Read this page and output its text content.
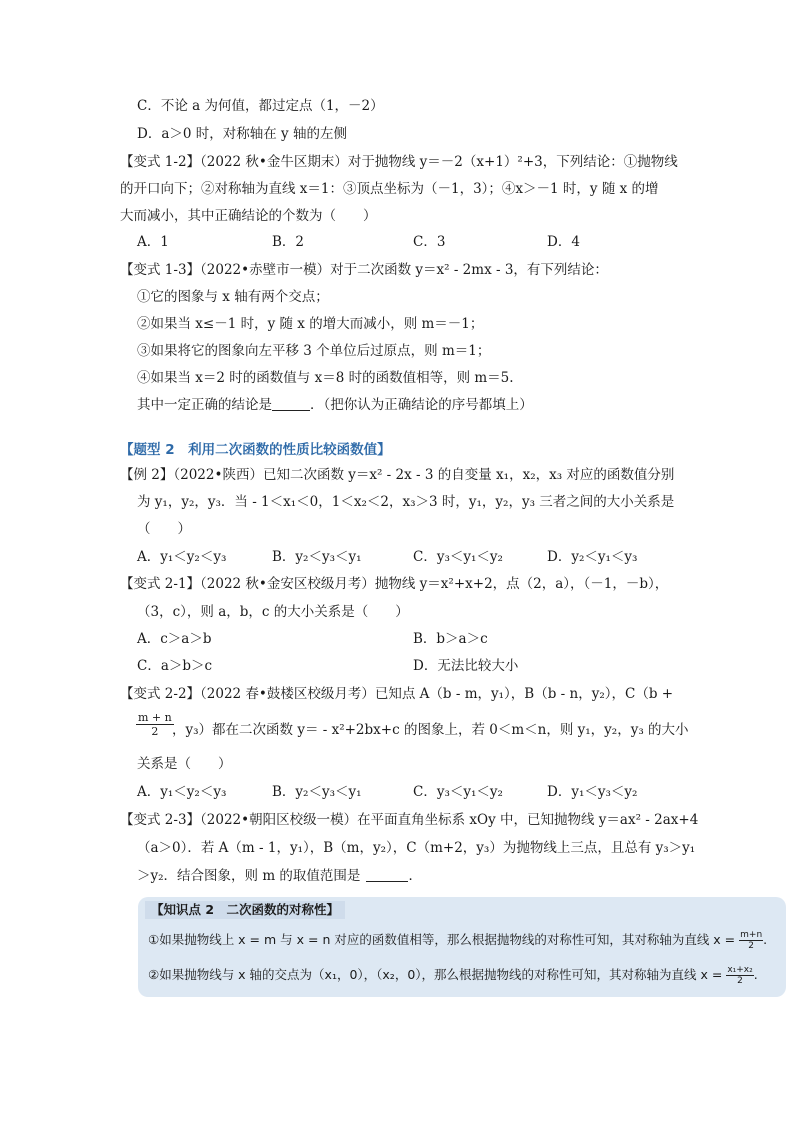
C．不论 a 为何值，都过定点（1，－2）
D．a＞0 时，对称轴在 y 轴的左侧
【变式 1-2】（2022 秋•金牛区期末）对于抛物线 y＝－2（x+1）²+3，下列结论：①抛物线
的开口向下；②对称轴为直线 x＝1：③顶点坐标为（－1，3）；④x＞－1 时，y 随 x 的增
大而减小，其中正确结论的个数为（　　）
A．1	B．2	C．3	D．4
【变式 1-3】（2022•赤壁市一模）对于二次函数 y＝x² - 2mx - 3，有下列结论：
①它的图象与 x 轴有两个交点；
②如果当 x≤－1 时，y 随 x 的增大而减小，则 m＝－1；
③如果将它的图象向左平移 3 个单位后过原点，则 m＝1；
④如果当 x＝2 时的函数值与 x＝8 时的函数值相等，则 m＝5.
其中一定正确的结论是	．（把你认为正确结论的序号都填上）
【题型 2　利用二次函数的性质比较函数值】
【例 2】（2022•陕西）已知二次函数 y＝x² - 2x - 3 的自变量 x₁，x₂，x₃ 对应的函数值分别
为 y₁，y₂，y₃．当 - 1＜x₁＜0，1＜x₂＜2，x₃＞3 时，y₁，y₂，y₃ 三者之间的大小关系是
（　　）
A．y₁＜y₂＜y₃	B．y₂＜y₃＜y₁	C．y₃＜y₁＜y₂	D．y₂＜y₁＜y₃
【变式 2-1】（2022 秋•金安区校级月考）抛物线 y＝x²+x+2，点（2，a），（－1，－b），
（3，c），则 a，b，c 的大小关系是（　　）
A．c＞a＞b	B．b＞a＞c
C．a＞b＞c	D．无法比较大小
【变式 2-2】（2022 春•鼓楼区校级月考）已知点 A（b - m，y₁），B（b - n，y₂），C（b +
$\frac{m + n}{2}$
，y₃）都在二次函数 y＝ - x²+2bx+c 的图象上，若 0＜m＜n，则 y₁，y₂，y₃ 的大小
关系是（　　）
A．y₁＜y₂＜y₃	B．y₂＜y₃＜y₁	C．y₃＜y₁＜y₂	D．y₁＜y₃＜y₂
【变式 2-3】（2022•朝阳区校级一模）在平面直角坐标系 xOy 中，已知抛物线 y＝ax² - 2ax+4
（a＞0）．若 A（m - 1，y₁），B（m，y₂），C（m+2，y₃）为抛物线上三点，且总有 y₃＞y₁
＞y₂．结合图象，则 m 的取值范围是	．
【知识点 2　二次函数的对称性】
①如果抛物线上 x = m 与 x = n 对应的函数值相等，那么根据抛物线的对称性可知，其对称轴为直线 $x = \frac{m+n}{2}$ .
②如果抛物线与 x 轴的交点为（x₁，0），（x₂，0），那么根据抛物线的对称性可知，其对称轴为直线 $x = \frac{\text{x₁+x₂}}{2}$ .
